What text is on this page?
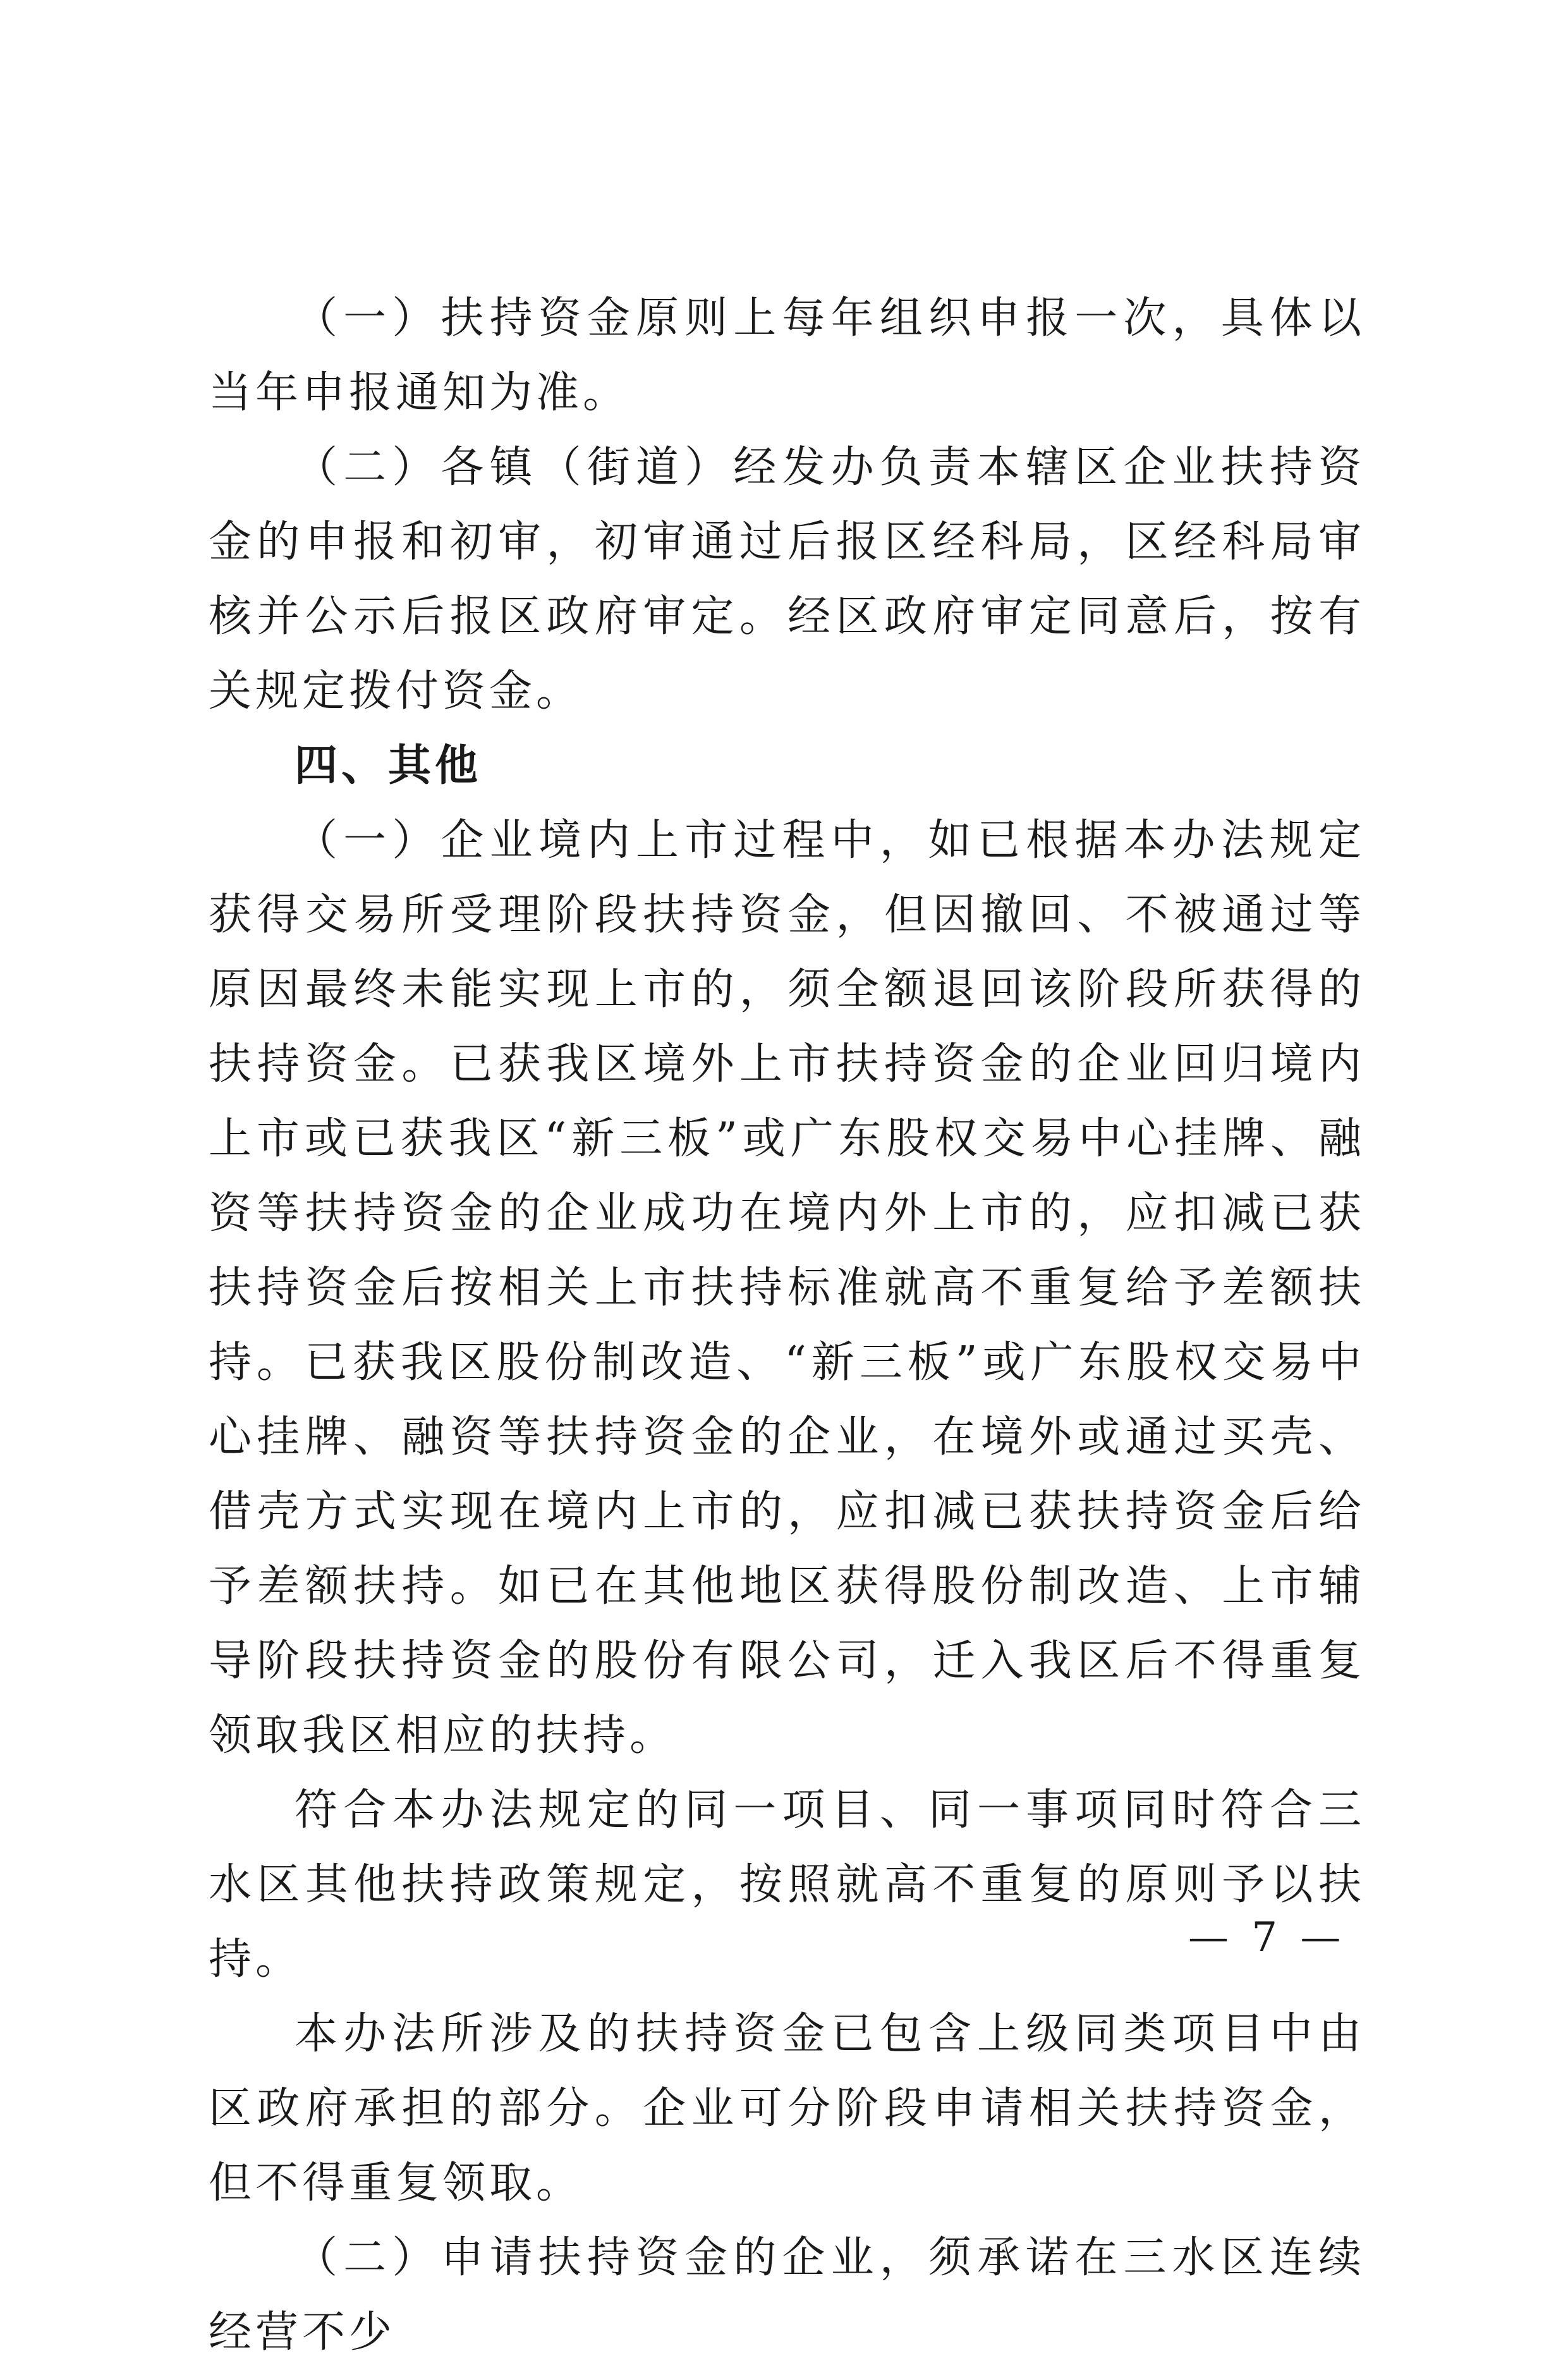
（一）扶持资金原则上每年组织申报一次，具体以当年申报通知为准。

（二）各镇（街道）经发办负责本辖区企业扶持资金的申报和初审，初审通过后报区经科局，区经科局审核并公示后报区政府审定。经区政府审定同意后，按有关规定拨付资金。

四、其他

（一）企业境内上市过程中，如已根据本办法规定获得交易所受理阶段扶持资金，但因撤回、不被通过等原因最终未能实现上市的，须全额退回该阶段所获得的扶持资金。已获我区境外上市扶持资金的企业回归境内上市或已获我区“新三板”或广东股权交易中心挂牌、融资等扶持资金的企业成功在境内外上市的，应扣减已获扶持资金后按相关上市扶持标准就高不重复给予差额扶持。已获我区股份制改造、“新三板”或广东股权交易中心挂牌、融资等扶持资金的企业，在境外或通过买壳、借壳方式实现在境内上市的，应扣减已获扶持资金后给予差额扶持。如已在其他地区获得股份制改造、上市辅导阶段扶持资金的股份有限公司，迁入我区后不得重复领取我区相应的扶持。

符合本办法规定的同一项目、同一事项同时符合三水区其他扶持政策规定，按照就高不重复的原则予以扶持。

本办法所涉及的扶持资金已包含上级同类项目中由区政府承担的部分。企业可分阶段申请相关扶持资金，但不得重复领取。

（二）申请扶持资金的企业，须承诺在三水区连续经营不少

— 7 —
